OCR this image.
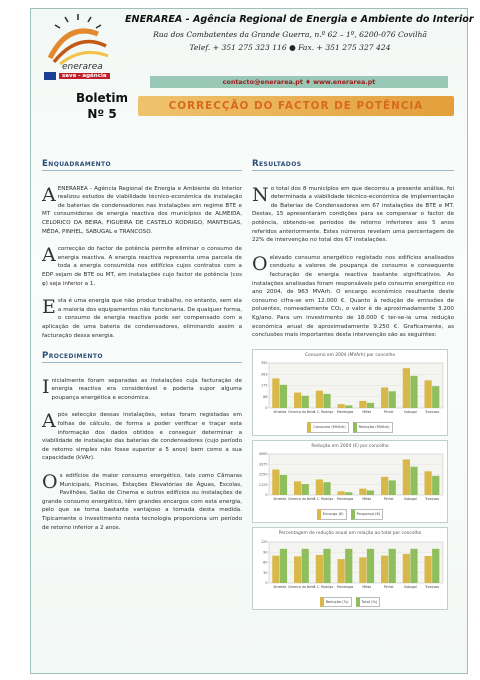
enerarea
save - agência
ENERAREA - Agência Regional de Energia e Ambiente do Interior
Rua dos Combatentes da Grande Guerra, n.º 62 – 1º, 6200-076 Covilhã
Telef. + 351 275 323 116 ● Fax. + 351 275 327 424
contacto@enerarea.pt ♦ www.enerarea.pt
Boletim
Nº 5
CORRECÇÃO DO FACTOR DE POTÊNCIA
Enquadramento
AENERAREA - Agência Regional de Energia e Ambiente do Interior realizou estudos de viabilidade técnico-económica de instalação de baterias de condensadores nas instalações em regime BTE e MT consumidoras de energia reactiva dos municípios de ALMEIDA, CELORICO DA BEIRA, FIGUEIRA DE CASTELO RODRIGO, MANTEIGAS, MÊDA, PINHEL, SABUGAL e TRANCOSO.
Acorrecção do factor de potência permite eliminar o consumo de energia reactiva. A energia reactiva representa uma parcela de toda a energia consumida nos edifícios cujos contratos com a EDP sejam de BTE ou MT, em instalações cujo factor de potência (cos φ) seja inferior a 1.
Esta é uma energia que não produz trabalho, no entanto, sem ela a maioria dos equipamentos não funcionaria. De qualquer forma, o consumo de energia reactiva pode ser compensado com a aplicação de uma bateria de condensadores, eliminando assim a facturação dessa energia.
Procedimento
Inicialmente foram separadas as instalações cuja facturação de energia reactiva era considerável e poderia supor alguma poupança energética e económica.
Após selecção dessas instalações, estas foram registadas em folhas de cálculo, de forma a poder verificar e traçar esta informação dos dados obtidos e conseguir determinar a viabilidade de instalação das baterias de condensadores (cujo período de retorno simples não fosse superior a 5 anos) bem como a sua capacidade (kVAr).
Os edifícios de maior consumo energético, tais como Câmaras Municipais, Piscinas, Estações Elevatórias de Águas, Escolas, Pavilhões, Salão de Cinema e outros edifícios ou instalações de grande consumo energético, têm grandes encargos com esta energia, pelo que se torna bastante vantajoso a tomada desta medida. Tipicamente o investimento nesta tecnologia proporciona um período de retorno inferior a 2 anos.
Resultados
No total dos 8 municípios em que decorreu a presente análise, foi determinada a viabilidade técnico-económica de implementação de Baterias de Condensadores em 67 instalações de BTE e MT. Destas, 15 apresentaram condições para se compensar o factor de potência, obtendo-se períodos de retorno inferiores aos 5 anos referidos anteriormente. Estes números revelam uma percentagem de 22% de intervenção no total dos 67 instalações.
Oelevado consumo energético registado nos edifícios analisados conduziu a valores de poupança de consumo e consequente facturação de energia reactiva bastante significativos. As instalações analisadas foram responsáveis pelo consumo energético no ano 2004, de 963 MVArh. O encargo económico resultante deste consumo cifra-se em 12.000 €. Quanto à redução de emissões de poluentes, nomeadamente CO₂, o valor é de aproximadamente 3.200 Kg/ano. Para um investimento de 18.000 € ter-se-ia uma redução económica anual de aproximadamente 9.250 €. Graficamente, as conclusões mais importantes desta intervenção são as seguintes:
Consumo em 2004 (MVArh) por concelho
0
88
175
263
350
Almeida Celorico da Beira
F. C. Rodrigo Manteigas	Mêda	Pinhel	Sabugal	Trancoso
Consumo (MVArh)	Redução (MVArh)
Redução em 2004 (€) por concelho
0
1125
2250
3375
4500
Almeida Celorico da Beira
F. C. Rodrigo Manteigas	Mêda	Pinhel	Sabugal	Trancoso
Encargo (€)	Poupança (€)
Percentagem de redução anual em relação ao total por concelho
0
30
60
90
120
Almeida Celorico da Beira
F. C. Rodrigo Manteigas	Mêda	Pinhel	Sabugal	Trancoso
Redução (%)	Total (%)
